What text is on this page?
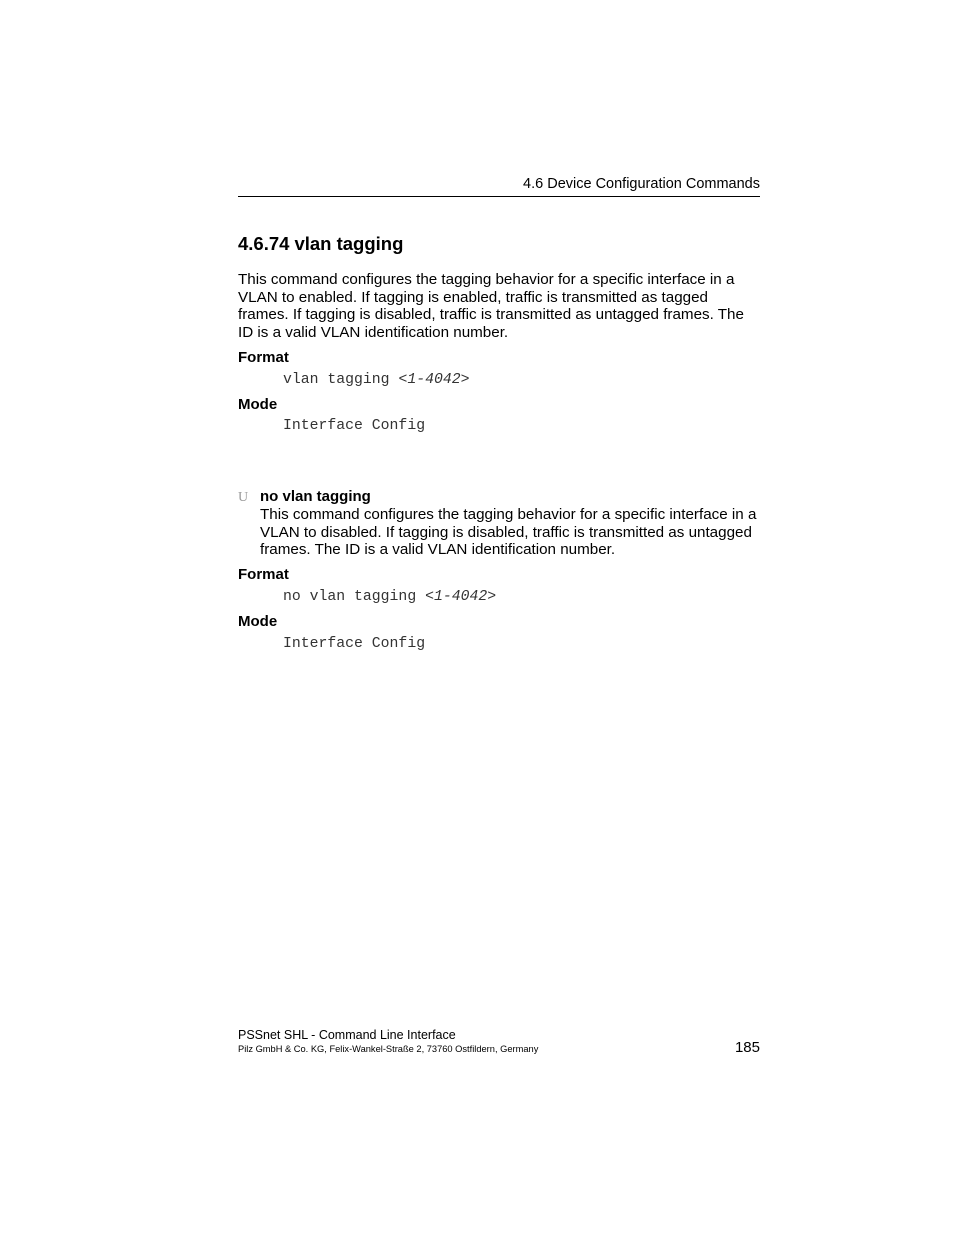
4.6 Device Configuration Commands
4.6.74 vlan tagging
This command configures the tagging behavior for a specific interface in a VLAN to enabled. If tagging is enabled, traffic is transmitted as tagged frames. If tagging is disabled, traffic is transmitted as untagged frames. The ID is a valid VLAN identification number.
Format
vlan tagging <1-4042>
Mode
Interface Config
U no vlan tagging
This command configures the tagging behavior for a specific interface in a VLAN to disabled. If tagging is disabled, traffic is transmitted as untagged frames. The ID is a valid VLAN identification number.
Format
no vlan tagging <1-4042>
Mode
Interface Config
PSSnet SHL - Command Line Interface
Pilz GmbH & Co. KG, Felix-Wankel-Straße 2, 73760 Ostfildern, Germany	185
